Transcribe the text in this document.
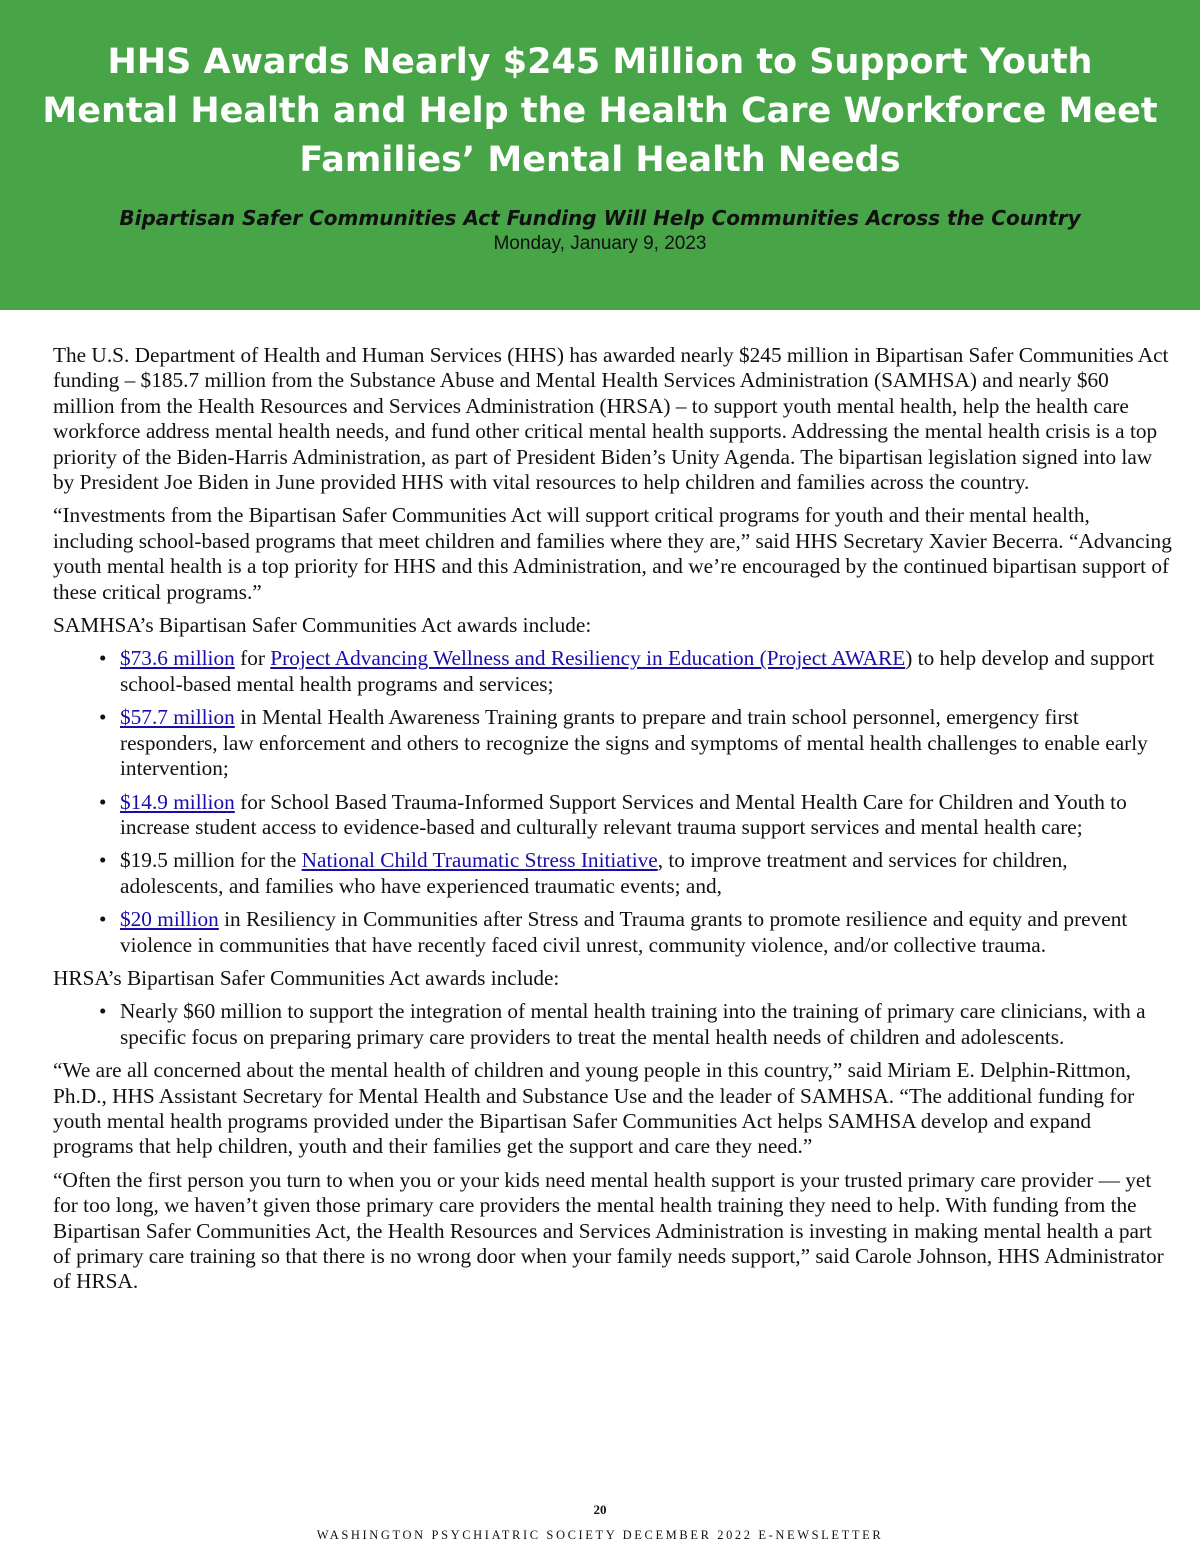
HHS Awards Nearly $245 Million to Support Youth Mental Health and Help the Health Care Workforce Meet Families’ Mental Health Needs
Bipartisan Safer Communities Act Funding Will Help Communities Across the Country
Monday, January 9, 2023

The U.S. Department of Health and Human Services (HHS) has awarded nearly $245 million in Bipartisan Safer Communities Act funding – $185.7 million from the Substance Abuse and Mental Health Services Administration (SAMHSA) and nearly $60 million from the Health Resources and Services Administration (HRSA) – to support youth mental health, help the health care workforce address mental health needs, and fund other critical mental health supports. Addressing the mental health crisis is a top priority of the Biden-Harris Administration, as part of President Biden’s Unity Agenda. The bipartisan legislation signed into law by President Joe Biden in June provided HHS with vital resources to help children and families across the country.

“Investments from the Bipartisan Safer Communities Act will support critical programs for youth and their mental health, including school-based programs that meet children and families where they are,” said HHS Secretary Xavier Becerra. “Advancing youth mental health is a top priority for HHS and this Administration, and we’re encouraged by the continued bipartisan support of these critical programs.”

SAMHSA’s Bipartisan Safer Communities Act awards include:

• $73.6 million for Project Advancing Wellness and Resiliency in Education (Project AWARE) to help develop and support school-based mental health programs and services;
• $57.7 million in Mental Health Awareness Training grants to prepare and train school personnel, emergency first responders, law enforcement and others to recognize the signs and symptoms of mental health challenges to enable early intervention;
• $14.9 million for School Based Trauma-Informed Support Services and Mental Health Care for Children and Youth to increase student access to evidence-based and culturally relevant trauma support services and mental health care;
• $19.5 million for the National Child Traumatic Stress Initiative, to improve treatment and services for children, adolescents, and families who have experienced traumatic events; and,
• $20 million in Resiliency in Communities after Stress and Trauma grants to promote resilience and equity and prevent violence in communities that have recently faced civil unrest, community violence, and/or collective trauma.

HRSA’s Bipartisan Safer Communities Act awards include:

• Nearly $60 million to support the integration of mental health training into the training of primary care clinicians, with a specific focus on preparing primary care providers to treat the mental health needs of children and adolescents.

“We are all concerned about the mental health of children and young people in this country,” said Miriam E. Delphin-Rittmon, Ph.D., HHS Assistant Secretary for Mental Health and Substance Use and the leader of SAMHSA. “The additional funding for youth mental health programs provided under the Bipartisan Safer Communities Act helps SAMHSA develop and expand programs that help children, youth and their families get the support and care they need.”

“Often the first person you turn to when you or your kids need mental health support is your trusted primary care provider — yet for too long, we haven’t given those primary care providers the mental health training they need to help. With funding from the Bipartisan Safer Communities Act, the Health Resources and Services Administration is investing in making mental health a part of primary care training so that there is no wrong door when your family needs support,” said Carole Johnson, HHS Administrator of HRSA.

20
WASHINGTON PSYCHIATRIC SOCIETY DECEMBER 2022 E-NEWSLETTER
